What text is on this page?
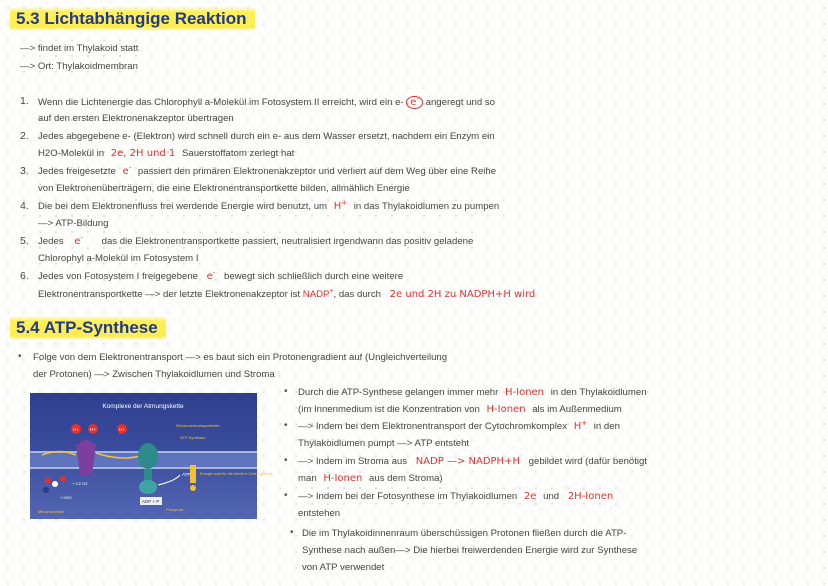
5.3 Lichtabhängige Reaktion
—> findet im Thylakoid statt
—> Ort: Thylakoidmembran
1. Wenn die Lichtenergie das Chlorophyll a-Molekül im Fotosystem II erreicht, wird ein e- e- angeregt und so
auf den ersten Elektronenakzeptor übertragen
2. Jedes abgegebene e- (Elektron) wird schnell durch ein e- aus dem Wasser ersetzt, nachdem ein Enzym ein
H2O-Molekül in 2e, 2H und 1 Sauerstoffatom zerlegt hat
3. Jedes freigesetzte e- passiert den primären Elektronenakzeptor und verliert auf dem Weg über eine Reihe
von Elektronenüberträgern, die eine Elektronentransportkette bilden, allmählich Energie
4. Die bei dem Elektronenfluss frei werdende Energie wird benutzt, um H+ in das Thylakoidlumen zu pumpen
—> ATP-Bildung
5. Jedes e- das die Elektronentransportkette passiert, neutralisiert irgendwann das positiv geladene
Chlorophyl a-Molekül im Fotosystem I
6. Jedes von Fotosystem I freigegebene e- bewegt sich schließlich durch eine weitere
Elektronentransportkette —> der letzte Elektronenakzeptor ist NADP+, das durch 2e und 2H zu NADPH+H wird
5.4 ATP-Synthese
• Folge von dem Elektronentransport —> es baut sich ein Protonengradient auf (Ungleichverteilung
der Protonen) —> Zwischen Thylakoidlumen und Stroma
• Durch die ATP-Synthese gelangen immer mehr H-Ionen in den Thylakoidlumen
(im Innenmedium ist die Konzentration von H-Ionen als im Außenmedium
• —> Indem bei dem Elektronentransport der Cytochromkomplex H+ in den
Thylakoidlumen pumpt —> ATP entsteht
• —> Indem im Stroma aus NADP —> NADPH+H gebildet wird (dafür benötigt
man H-Ionen aus dem Stroma)
• —> Indem bei der Fotosynthese im Thylakoidlumen 2e und 2H-Ionen
entstehen
• Die im Thylakoidinnenraum überschüssigen Protonen fließen durch die ATP-
Synthese nach außen—> Die hierbei freiwerdenden Energie wird zur Synthese
von ATP verwendet
Komplexe der Atmungskette
H+ H+	H+
Elektronentransportkette
ATP-Synthase
ATP
ADP + P
Phosphat
Energie wird für die Arbeit in Zellen genutzt
+ 1/2 O2
+ H2O
Mitochondrium
